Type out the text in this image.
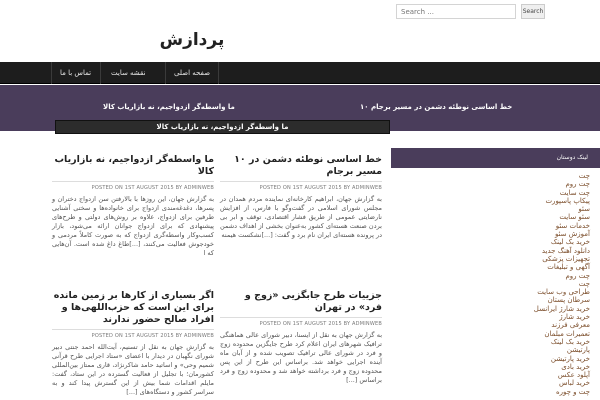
Search ...
Search
پردازش
تماس با ما	نقشه سایت	صفحه اصلی
خط اساسی نوطئه دشمن در مسیر برجام ۱۰
ما واسطه‌گر ازدواجیم، نه بازاریاب کالا
ما واسطه‌گر ازدواجیم، نه بازاریاب کالا
خط اساسی نوطئه دشمن در ۱۰ مسیر برجام
POSTED ON 1ST AUGUST 2015 BY ADMINWEB
به گزارش جهان، ابراهیم کارخانه‌ای نماینده مردم همدان در مجلس شورای اسلامی در گفت‌وگو با فارس، از افزایش نارضایتی عمومی از طریق فشار اقتصادی، توقف و ابر بی بردن صنعت هسته‌ای کشور به‌عنوان بخشی از اهداف دشمن در پرونده هسته‌ای ایران نام برد و گفت: [...]نشکست هیمنه
ما واسطه‌گر ازدواجیم، نه بازاریاب کالا
POSTED ON 1ST AUGUST 2015 BY ADMINWEB
به گزارش جهان، این روزها با بالارفتن سن ازدواج دختران و پسرها، دغدغه‌مندی ازدواج برای خانواده‌ها و سختی آشنایی طرفین برای ازدواج، علاوه بر روش‌های دولتی و طرح‌های پیشنهادی که برای ازدواج جوانان ارائه می‌شود، بازار کسب‌وکار واسطه‌گری ازدواج که به صورت کاملاً مردمی و خودجوش فعالیت می‌کنند، [...]طاغ داغ شده است. آن‌هایی که ا
جزییات طرح جابگزیی «زوج و فرد» در تهران
POSTED ON 1ST AUGUST 2015 BY ADMINWEB
به گزارش جهان به نقل از ایسنا، دبیر شورای عالی هماهنگی ترافیک شهرهای ایران اعلام کرد طرح جایگزین محدوده زوج و فرد در شورای عالی ترافیک تصویب شده و از آبان ماه آینده اجرایی خواهد شد. براساس این طرح از این پس محدوده زوج و فرد برداشته خواهد شد و محدوده زوج و فرد براساس [...]
اگر بسیاری از کارها بر زمین مانده برای این است که حزب‌اللهی‌ها و افراد صالح حضور ندارند
POSTED ON 1ST AUGUST 2015 BY ADMINWEB
به گزارش جهان به نقل از تسنیم، آیت‌الله احمد جنتی دبیر شورای نگهبان در دیدار با اعضای «ستاد اجرایی طرح قرآنی شمیم وحی» و اساتید حامد شاکرنژاد، قاری ممتاز بین‌المللی کشورمان؛ با تجلیل از فعالیت گسترده در این ستاد، گفت: مایلم اقدامات شما بیش از این گسترش پیدا کند و به سراسر کشور و دستگاه‌های [...]
لینک دوستان
چت
چت روم
چت سایت
پیکاپ پاسپورت
سئو
سئو سایت
خدمات سئو
آموزش سئو
خرید بک لینک
دانلود آهنگ جدید
تجهیزات پزشکی
آگهی و تبلیغات
چت روم
چت
طراحی وب سایت
سرطان پستان
خرید شارژ ایرانسل
خرید شارژ
معرفی فرزند
تعمیرات مبلمان
خرید بک لینک
پارتیشن
خرید پارتیشن
خرید بادی
آپلود عکس
خرید لباس
چت و چوره
